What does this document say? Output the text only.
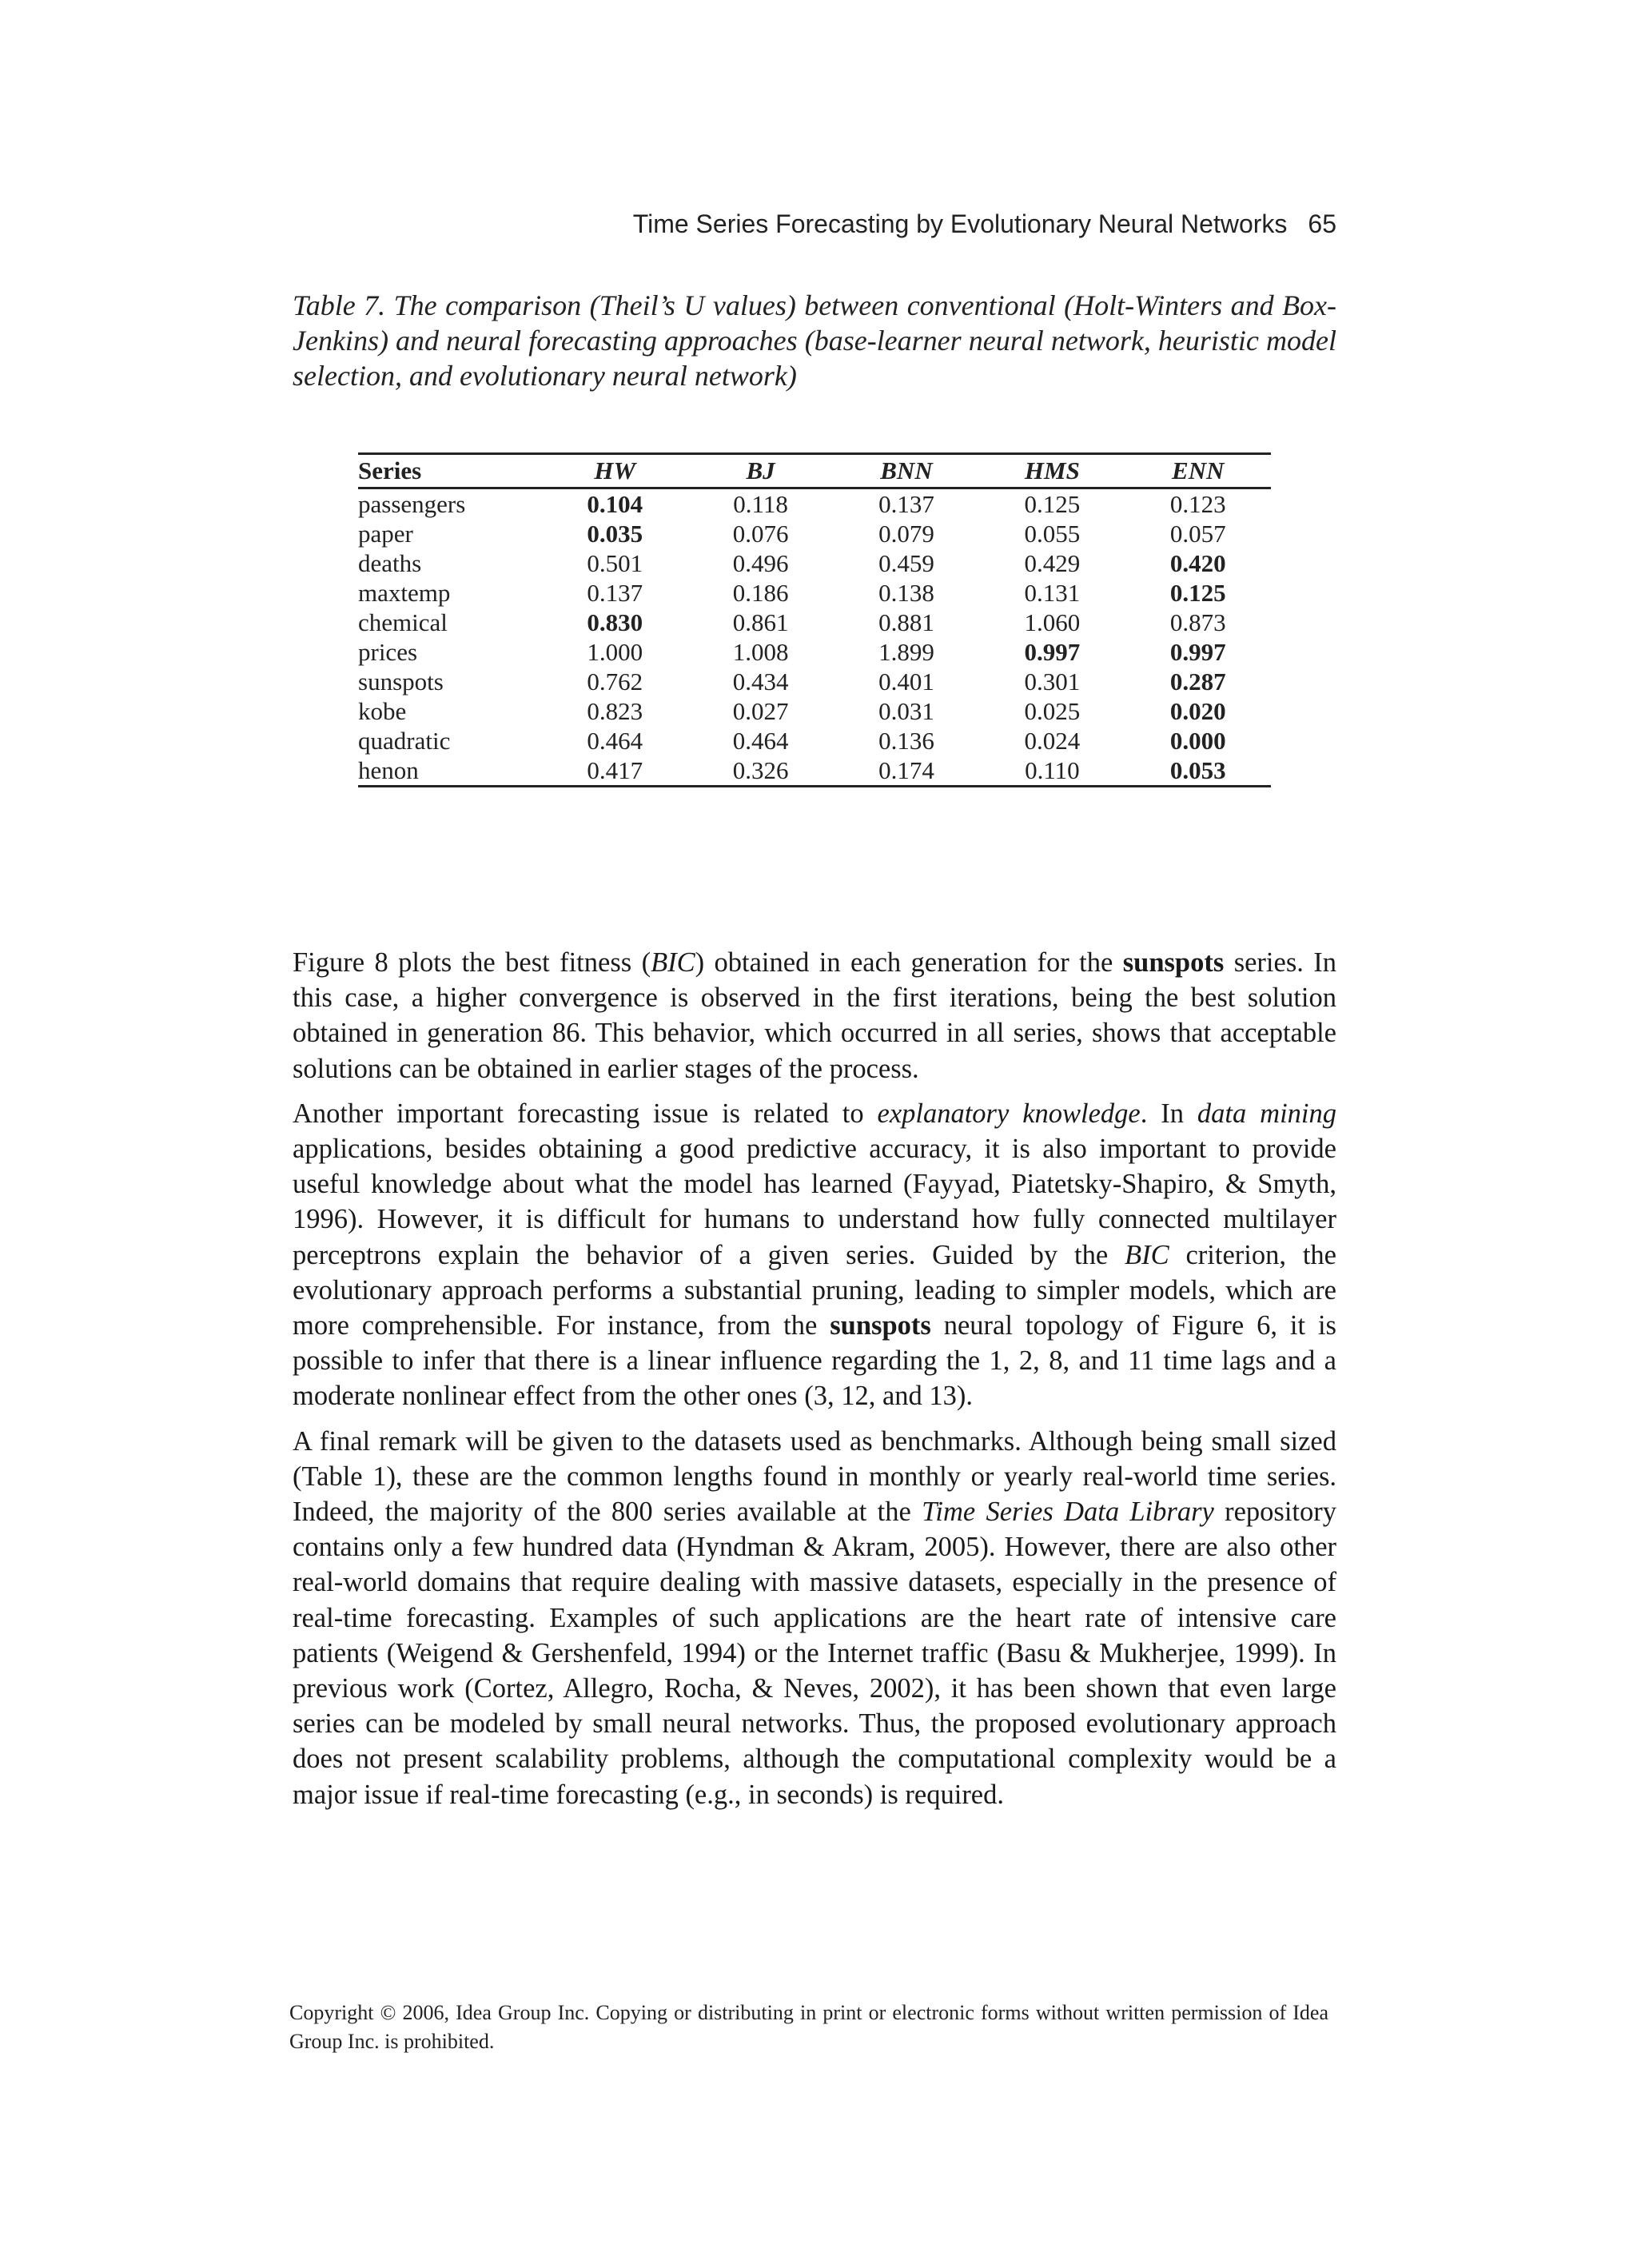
Time Series Forecasting by Evolutionary Neural Networks 65
Table 7. The comparison (Theil’s U values) between conventional (Holt-Winters and Box-Jenkins) and neural forecasting approaches (base-learner neural network, heuristic model selection, and evolutionary neural network)
Series	HW	BJ	BNN	HMS	ENN
passengers	0.104	0.118	0.137	0.125	0.123
paper	0.035	0.076	0.079	0.055	0.057
deaths	0.501	0.496	0.459	0.429	0.420
maxtemp	0.137	0.186	0.138	0.131	0.125
chemical	0.830	0.861	0.881	1.060	0.873
prices	1.000	1.008	1.899	0.997	0.997
sunspots	0.762	0.434	0.401	0.301	0.287
kobe	0.823	0.027	0.031	0.025	0.020
quadratic	0.464	0.464	0.136	0.024	0.000
henon	0.417	0.326	0.174	0.110	0.053

Figure 8 plots the best fitness (BIC) obtained in each generation for the sunspots series. In this case, a higher convergence is observed in the first iterations, being the best solution obtained in generation 86. This behavior, which occurred in all series, shows that acceptable solutions can be obtained in earlier stages of the process.

Another important forecasting issue is related to explanatory knowledge. In data mining applications, besides obtaining a good predictive accuracy, it is also important to provide useful knowledge about what the model has learned (Fayyad, Piatetsky-Shapiro, & Smyth, 1996). However, it is difficult for humans to understand how fully connected multilayer perceptrons explain the behavior of a given series. Guided by the BIC criterion, the evolutionary approach performs a substantial pruning, leading to simpler models, which are more comprehensible. For instance, from the sunspots neural topology of Figure 6, it is possible to infer that there is a linear influence regarding the 1, 2, 8, and 11 time lags and a moderate nonlinear effect from the other ones (3, 12, and 13).

A final remark will be given to the datasets used as benchmarks. Although being small sized (Table 1), these are the common lengths found in monthly or yearly real-world time series. Indeed, the majority of the 800 series available at the Time Series Data Library repository contains only a few hundred data (Hyndman & Akram, 2005). However, there are also other real-world domains that require dealing with massive datasets, especially in the presence of real-time forecasting. Examples of such applications are the heart rate of intensive care patients (Weigend & Gershenfeld, 1994) or the Internet traffic (Basu & Mukherjee, 1999). In previous work (Cortez, Allegro, Rocha, & Neves, 2002), it has been shown that even large series can be modeled by small neural networks. Thus, the proposed evolutionary approach does not present scalability problems, although the computational complexity would be a major issue if real-time forecasting (e.g., in seconds) is required.

Copyright © 2006, Idea Group Inc. Copying or distributing in print or electronic forms without written permission of Idea Group Inc. is prohibited.
